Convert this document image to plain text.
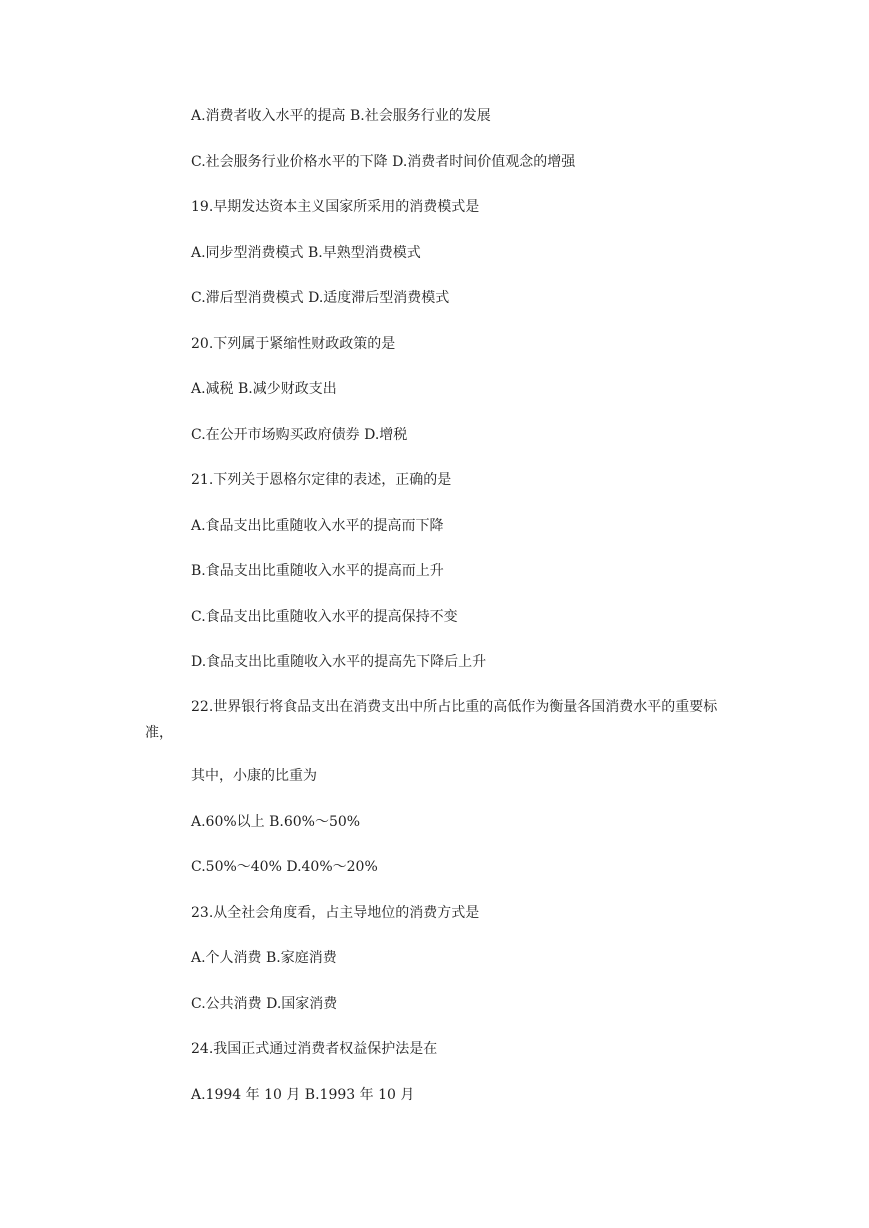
A.消费者收入水平的提高 B.社会服务行业的发展
C.社会服务行业价格水平的下降 D.消费者时间价值观念的增强
19.早期发达资本主义国家所采用的消费模式是
A.同步型消费模式 B.早熟型消费模式
C.滞后型消费模式 D.适度滞后型消费模式
20.下列属于紧缩性财政政策的是
A.减税 B.减少财政支出
C.在公开市场购买政府债券 D.增税
21.下列关于恩格尔定律的表述，正确的是
A.食品支出比重随收入水平的提高而下降
B.食品支出比重随收入水平的提高而上升
C.食品支出比重随收入水平的提高保持不变
D.食品支出比重随收入水平的提高先下降后上升
22.世界银行将食品支出在消费支出中所占比重的高低作为衡量各国消费水平的重要标准，
其中，小康的比重为
A.60%以上 B.60%～50%
C.50%～40% D.40%～20%
23.从全社会角度看，占主导地位的消费方式是
A.个人消费 B.家庭消费
C.公共消费 D.国家消费
24.我国正式通过消费者权益保护法是在
A.1994 年 10 月 B.1993 年 10 月
